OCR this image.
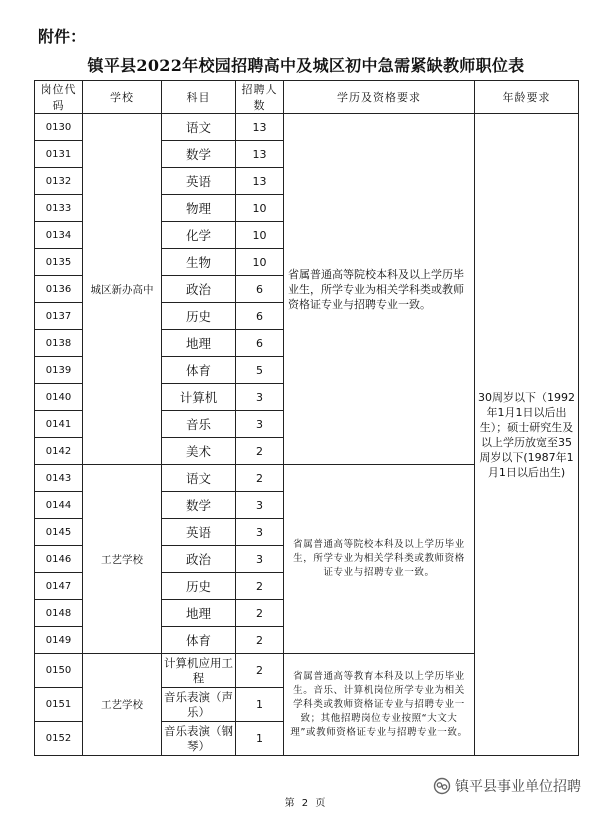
附件：
镇平县2022年校园招聘高中及城区初中急需紧缺教师职位表
岗位代码	学校	科目	招聘人数	学历及资格要求	年龄要求
0130	城区新办高中	语文	13	省属普通高等院校本科及以上学历毕业生，所学专业为相关学科类或教师资格证专业与招聘专业一致。	30周岁以下（1992年1月1日以后出生）；硕士研究生及以上学历放宽至35周岁以下(1987年1月1日以后出生)
0131		数学	13		
0132		英语	13		
0133		物理	10		
0134		化学	10		
0135		生物	10		
0136		政治	6		
0137		历史	6		
0138		地理	6		
0139		体育	5		
0140		计算机	3		
0141		音乐	3		
0142		美术	2		
0143	工艺学校	语文	2	省属普通高等院校本科及以上学历毕业生，所学专业为相关学科类或教师资格证专业与招聘专业一致。	
0144		数学	3		
0145		英语	3		
0146		政治	3		
0147		历史	2		
0148		地理	2		
0149		体育	2		
0150	工艺学校	计算机应用工程	2	省属普通高等教育本科及以上学历毕业生。音乐、计算机岗位所学专业为相关学科类或教师资格证专业与招聘专业一致；其他招聘岗位专业按照“大文大理”或教师资格证专业与招聘专业一致。	
0151		音乐表演（声乐）	1		
0152		音乐表演（钢琴）	1		
第 2 页
镇平县事业单位招聘
